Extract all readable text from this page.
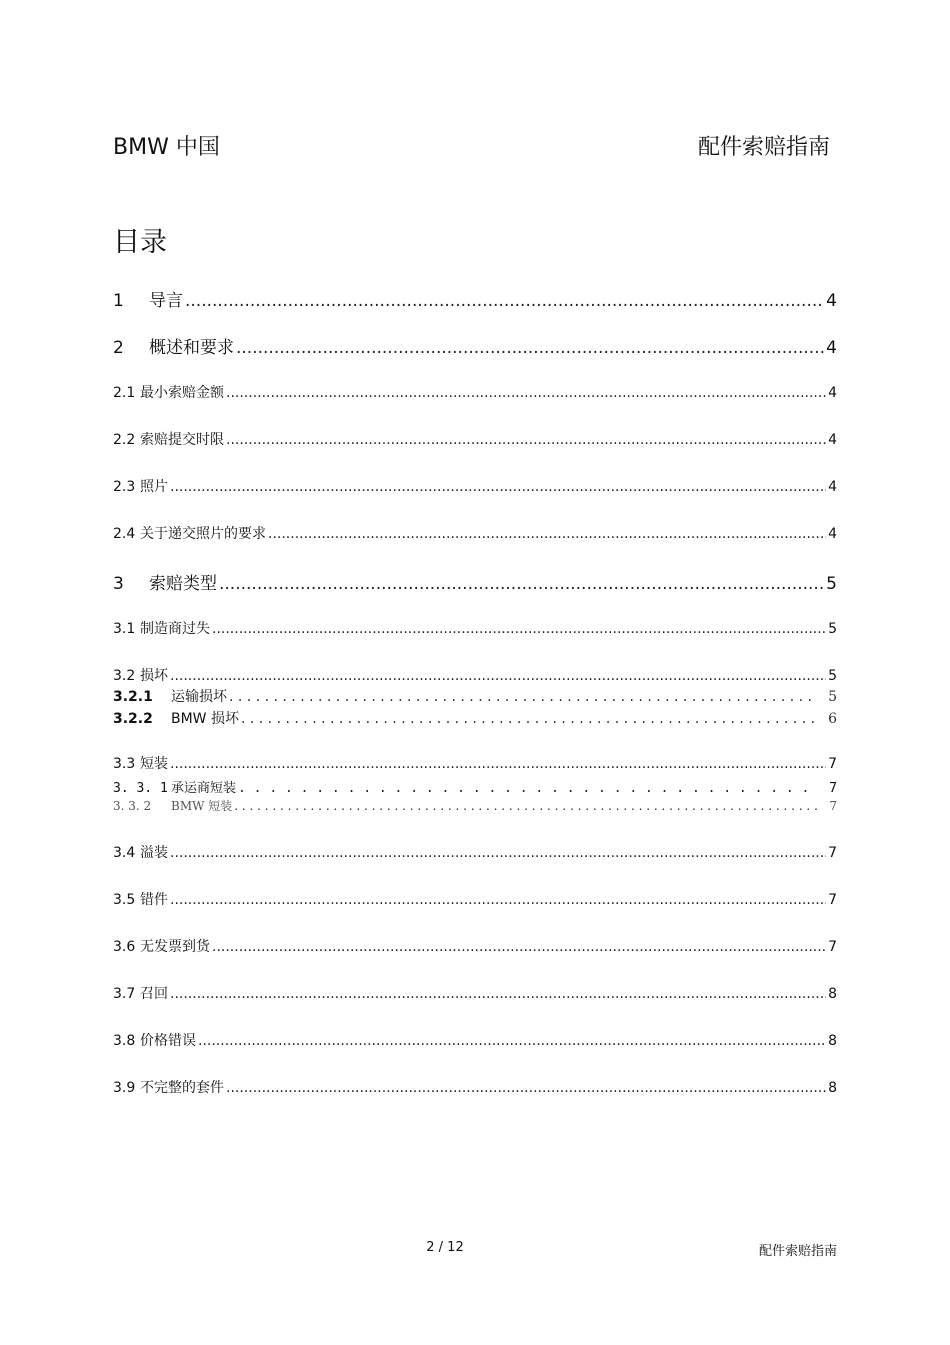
BMW 中国	配件索赔指南
目录
1	导言 .....	4
2	概述和要求 .....	4
2.1 最小索赔金额 .....	4
2.2 索赔提交时限 .....	4
2.3 照片 .....	4
2.4 关于递交照片的要求 .....	4
3	索赔类型 .....	5
3.1 制造商过失 .....	5
3.2 损坏 .....	5
3.2.1	运输损坏 . .	5
3.2.2	BMW 损坏 . .	6
3.3 短装 .....	7
3. 3. 1 承运商短装 . .	7
3. 3. 2	BMW 短装 . .	7
3.4 溢装 .....	7
3.5 错件 .....	7
3.6 无发票到货 .....	7
3.7 召回 .....	8
3.8 价格错误 .....	8
3.9 不完整的套件 .....	8
2 / 12	配件索赔指南
